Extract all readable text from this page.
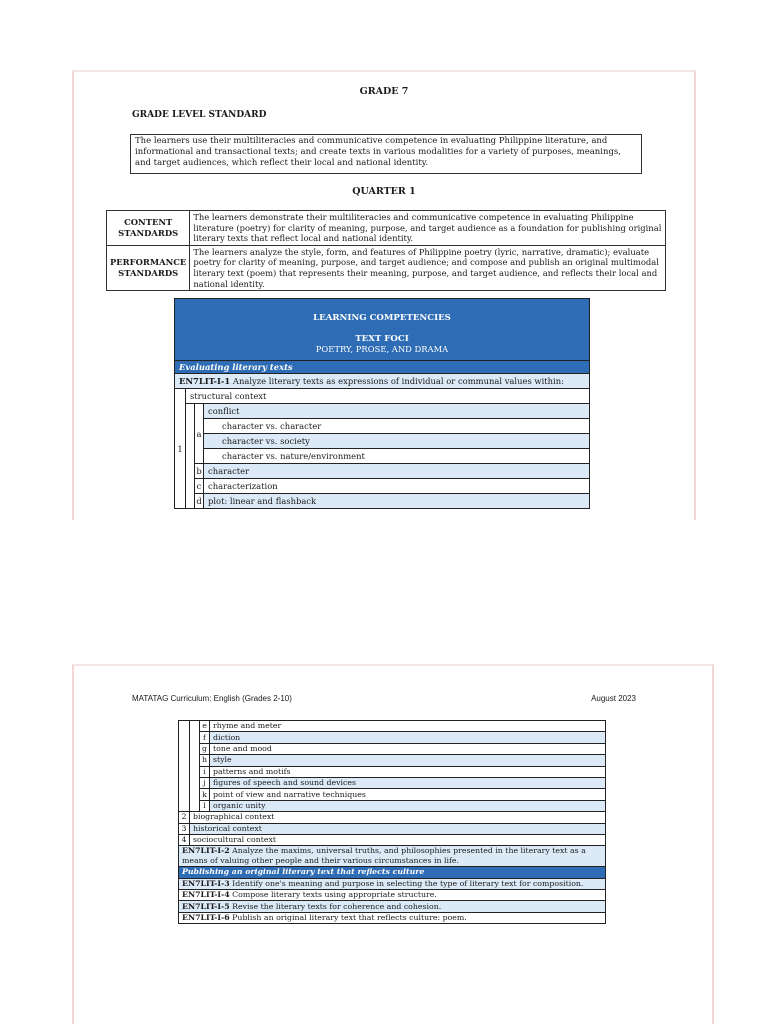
GRADE 7
GRADE LEVEL STANDARD
The learners use their multiliteracies and communicative competence in evaluating Philippine literature, and informational and transactional texts; and create texts in various modalities for a variety of purposes, meanings, and target audiences, which reflect their local and national identity.
QUARTER 1
CONTENT
STANDARDS	The learners demonstrate their multiliteracies and communicative competence in evaluating Philippine literature (poetry) for clarity of meaning, purpose, and target audience as a foundation for publishing original literary texts that reflect local and national identity.
PERFORMANCE
STANDARDS	The learners analyze the style, form, and features of Philippine poetry (lyric, narrative, dramatic); evaluate poetry for clarity of meaning, purpose, and target audience; and compose and publish an original multimodal literary text (poem) that represents their meaning, purpose, and target audience, and reflects their local and national identity.
LEARNING COMPETENCIES
TEXT FOCI
POETRY, PROSE, AND DRAMA			

Evaluating literary texts			
EN7LIT-I-1 Analyze literary texts as expressions of individual or communal values within:			
1	structural context		
		a	conflict
			character vs. character
			character vs. society
			character vs. nature/environment
		b	character
		c	characterization
		d	plot: linear and flashback
MATATAG Curriculum: English (Grades 2-10)	August 2023
		e	rhyme and meter
		f	diction
		g	tone and mood
		h	style
		i	patterns and motifs
		j	figures of speech and sound devices
		k	point of view and narrative techniques
		l	organic unity
2	biographical context		
3	historical context		
4	sociocultural context		
EN7LIT-I-2 Analyze the maxims, universal truths, and philosophies presented in the literary text as a means of valuing other people and their various circumstances in life.			
Publishing an original literary text that reflects culture			
EN7LIT-I-3 Identify one's meaning and purpose in selecting the type of literary text for composition.			
EN7LIT-I-4 Compose literary texts using appropriate structure.			
EN7LIT-I-5 Revise the literary texts for coherence and cohesion.			
EN7LIT-I-6 Publish an original literary text that reflects culture: poem.			
